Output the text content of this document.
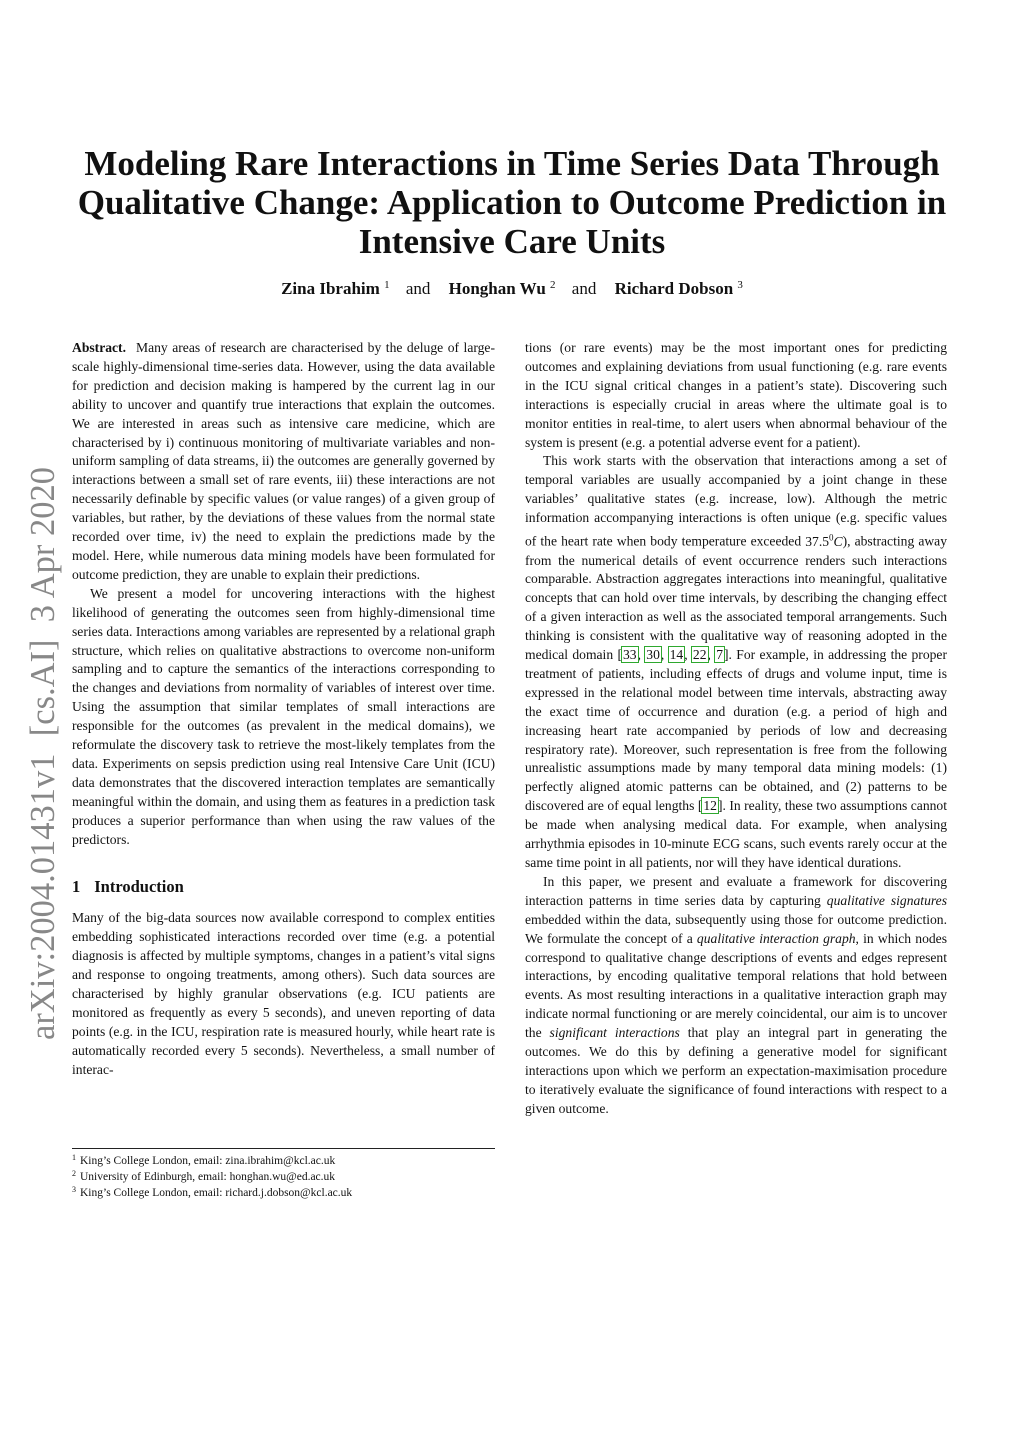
arXiv:2004.01431v1  [cs.AI]  3 Apr 2020
Modeling Rare Interactions in Time Series Data Through Qualitative Change: Application to Outcome Prediction in Intensive Care Units
Zina Ibrahim $^1$ and Honghan Wu $^2$ and Richard Dobson $^3$

Abstract. Many areas of research are characterised by the deluge of large-scale highly-dimensional time-series data. However, using the data available for prediction and decision making is hampered by the current lag in our ability to uncover and quantify true interactions that explain the outcomes. We are interested in areas such as intensive care medicine, which are characterised by i) continuous monitoring of multivariate variables and non-uniform sampling of data streams, ii) the outcomes are generally governed by interactions between a small set of rare events, iii) these interactions are not necessarily definable by specific values (or value ranges) of a given group of variables, but rather, by the deviations of these values from the normal state recorded over time, iv) the need to explain the predictions made by the model. Here, while numerous data mining models have been formulated for outcome prediction, they are unable to explain their predictions.

We present a model for uncovering interactions with the highest likelihood of generating the outcomes seen from highly-dimensional time series data. Interactions among variables are represented by a relational graph structure, which relies on qualitative abstractions to overcome non-uniform sampling and to capture the semantics of the interactions corresponding to the changes and deviations from normality of variables of interest over time. Using the assumption that similar templates of small interactions are responsible for the outcomes (as prevalent in the medical domains), we reformulate the discovery task to retrieve the most-likely templates from the data. Experiments on sepsis prediction using real Intensive Care Unit (ICU) data demonstrates that the discovered interaction templates are semantically meaningful within the domain, and using them as features in a prediction task produces a superior performance than when using the raw values of the predictors.

1 Introduction

Many of the big-data sources now available correspond to complex entities embedding sophisticated interactions recorded over time (e.g. a potential diagnosis is affected by multiple symptoms, changes in a patient’s vital signs and response to ongoing treatments, among others). Such data sources are characterised by highly granular observations (e.g. ICU patients are monitored as frequently as every 5 seconds), and uneven reporting of data points (e.g. in the ICU, respiration rate is measured hourly, while heart rate is automatically recorded every 5 seconds). Nevertheless, a small number of interac-

tions (or rare events) may be the most important ones for predicting outcomes and explaining deviations from usual functioning (e.g. rare events in the ICU signal critical changes in a patient’s state). Discovering such interactions is especially crucial in areas where the ultimate goal is to monitor entities in real-time, to alert users when abnormal behaviour of the system is present (e.g. a potential adverse event for a patient).

This work starts with the observation that interactions among a set of temporal variables are usually accompanied by a joint change in these variables’ qualitative states (e.g. increase, low). Although the metric information accompanying interactions is often unique (e.g. specific values of the heart rate when body temperature exceeded 37.5$^0$C), abstracting away from the numerical details of event occurrence renders such interactions comparable. Abstraction aggregates interactions into meaningful, qualitative concepts that can hold over time intervals, by describing the changing effect of a given interaction as well as the associated temporal arrangements. Such thinking is consistent with the qualitative way of reasoning adopted in the medical domain [33, 30, 14, 22, 7]. For example, in addressing the proper treatment of patients, including effects of drugs and volume input, time is expressed in the relational model between time intervals, abstracting away the exact time of occurrence and duration (e.g. a period of high and increasing heart rate accompanied by periods of low and decreasing respiratory rate). Moreover, such representation is free from the following unrealistic assumptions made by many temporal data mining models: (1) perfectly aligned atomic patterns can be obtained, and (2) patterns to be discovered are of equal lengths [12]. In reality, these two assumptions cannot be made when analysing medical data. For example, when analysing arrhythmia episodes in 10-minute ECG scans, such events rarely occur at the same time point in all patients, nor will they have identical durations.

In this paper, we present and evaluate a framework for discovering interaction patterns in time series data by capturing qualitative signatures embedded within the data, subsequently using those for outcome prediction. We formulate the concept of a qualitative interaction graph, in which nodes correspond to qualitative change descriptions of events and edges represent interactions, by encoding qualitative temporal relations that hold between events. As most resulting interactions in a qualitative interaction graph may indicate normal functioning or are merely coincidental, our aim is to uncover the significant interactions that play an integral part in generating the outcomes. We do this by defining a generative model for significant interactions upon which we perform an expectation-maximisation procedure to iteratively evaluate the significance of found interactions with respect to a given outcome.

$^1$ King’s College London, email: zina.ibrahim@kcl.ac.uk
$^2$ University of Edinburgh, email: honghan.wu@ed.ac.uk
$^3$ King’s College London, email: richard.j.dobson@kcl.ac.uk
